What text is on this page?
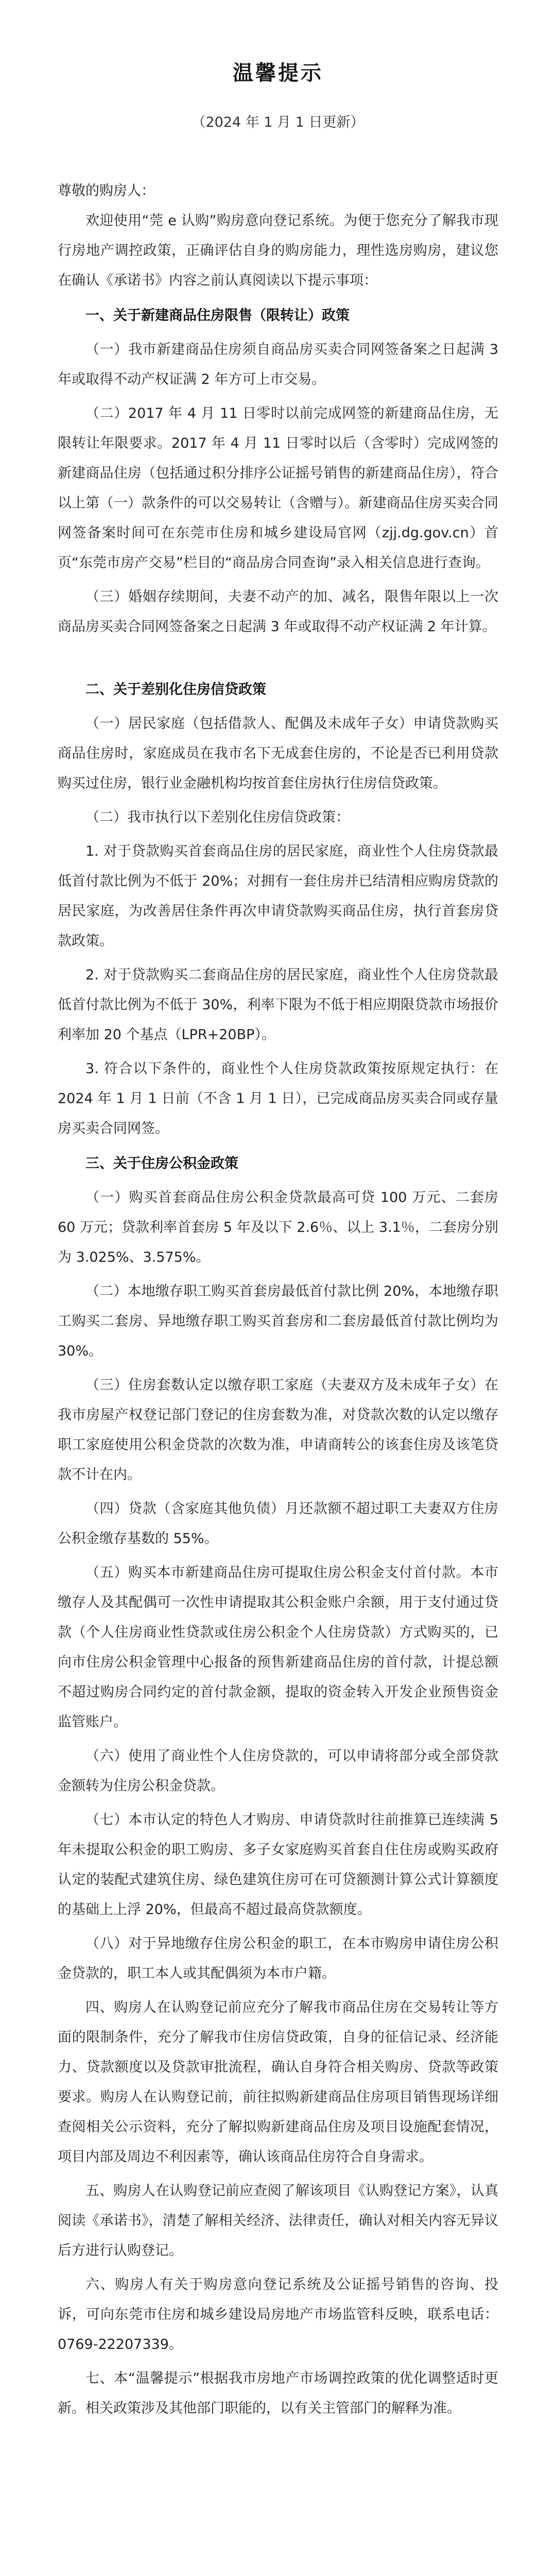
温馨提示
（2024 年 1 月 1 日更新）
尊敬的购房人：

欢迎使用“莞 e 认购”购房意向登记系统。为便于您充分了解我市现行房地产调控政策，正确评估自身的购房能力，理性选房购房，建议您在确认《承诺书》内容之前认真阅读以下提示事项：

一、关于新建商品住房限售（限转让）政策

（一）我市新建商品住房须自商品房买卖合同网签备案之日起满 3 年或取得不动产权证满 2 年方可上市交易。

（二）2017 年 4 月 11 日零时以前完成网签的新建商品住房，无限转让年限要求。2017 年 4 月 11 日零时以后（含零时）完成网签的新建商品住房（包括通过积分排序公证摇号销售的新建商品住房），符合以上第（一）款条件的可以交易转让（含赠与）。新建商品住房买卖合同网签备案时间可在东莞市住房和城乡建设局官网（zjj.dg.gov.cn）首页“东莞市房产交易”栏目的“商品房合同查询”录入相关信息进行查询。

（三）婚姻存续期间，夫妻不动产的加、减名，限售年限以上一次商品房买卖合同网签备案之日起满 3 年或取得不动产权证满 2 年计算。

二、关于差别化住房信贷政策

（一）居民家庭（包括借款人、配偶及未成年子女）申请贷款购买商品住房时，家庭成员在我市名下无成套住房的，不论是否已利用贷款购买过住房，银行业金融机构均按首套住房执行住房信贷政策。

（二）我市执行以下差别化住房信贷政策：

1. 对于贷款购买首套商品住房的居民家庭，商业性个人住房贷款最低首付款比例为不低于 20%；对拥有一套住房并已结清相应购房贷款的居民家庭，为改善居住条件再次申请贷款购买商品住房，执行首套房贷款政策。

2. 对于贷款购买二套商品住房的居民家庭，商业性个人住房贷款最低首付款比例为不低于 30%，利率下限为不低于相应期限贷款市场报价利率加 20 个基点（LPR+20BP）。

3. 符合以下条件的，商业性个人住房贷款政策按原规定执行：在 2024 年 1 月 1 日前（不含 1 月 1 日），已完成商品房买卖合同或存量房买卖合同网签。

三、关于住房公积金政策

（一）购买首套商品住房公积金贷款最高可贷 100 万元、二套房 60 万元；贷款利率首套房 5 年及以下 2.6％、以上 3.1％，二套房分别为 3.025%、3.575%。

（二）本地缴存职工购买首套房最低首付款比例 20%，本地缴存职工购买二套房、异地缴存职工购买首套房和二套房最低首付款比例均为 30%。

（三）住房套数认定以缴存职工家庭（夫妻双方及未成年子女）在我市房屋产权登记部门登记的住房套数为准，对贷款次数的认定以缴存职工家庭使用公积金贷款的次数为准，申请商转公的该套住房及该笔贷款不计在内。

（四）贷款（含家庭其他负债）月还款额不超过职工夫妻双方住房公积金缴存基数的 55%。

（五）购买本市新建商品住房可提取住房公积金支付首付款。本市缴存人及其配偶可一次性申请提取其公积金账户余额，用于支付通过贷款（个人住房商业性贷款或住房公积金个人住房贷款）方式购买的，已向市住房公积金管理中心报备的预售新建商品住房的首付款，计提总额不超过购房合同约定的首付款金额，提取的资金转入开发企业预售资金监管账户。

（六）使用了商业性个人住房贷款的，可以申请将部分或全部贷款金额转为住房公积金贷款。

（七）本市认定的特色人才购房、申请贷款时往前推算已连续满 5 年未提取公积金的职工购房、多子女家庭购买首套自住住房或购买政府认定的装配式建筑住房、绿色建筑住房可在可贷额测计算公式计算额度的基础上上浮 20%，但最高不超过最高贷款额度。

（八）对于异地缴存住房公积金的职工，在本市购房申请住房公积金贷款的，职工本人或其配偶须为本市户籍。

四、购房人在认购登记前应充分了解我市商品住房在交易转让等方面的限制条件，充分了解我市住房信贷政策，自身的征信记录、经济能力、贷款额度以及贷款审批流程，确认自身符合相关购房、贷款等政策要求。购房人在认购登记前，前往拟购新建商品住房项目销售现场详细查阅相关公示资料，充分了解拟购新建商品住房及项目设施配套情况，项目内部及周边不利因素等，确认该商品住房符合自身需求。

五、购房人在认购登记前应查阅了解该项目《认购登记方案》，认真阅读《承诺书》，清楚了解相关经济、法律责任，确认对相关内容无异议后方进行认购登记。

六、购房人有关于购房意向登记系统及公证摇号销售的咨询、投诉，可向东莞市住房和城乡建设局房地产市场监管科反映，联系电话：0769-22207339。

七、本“温馨提示”根据我市房地产市场调控政策的优化调整适时更新。相关政策涉及其他部门职能的，以有关主管部门的解释为准。
